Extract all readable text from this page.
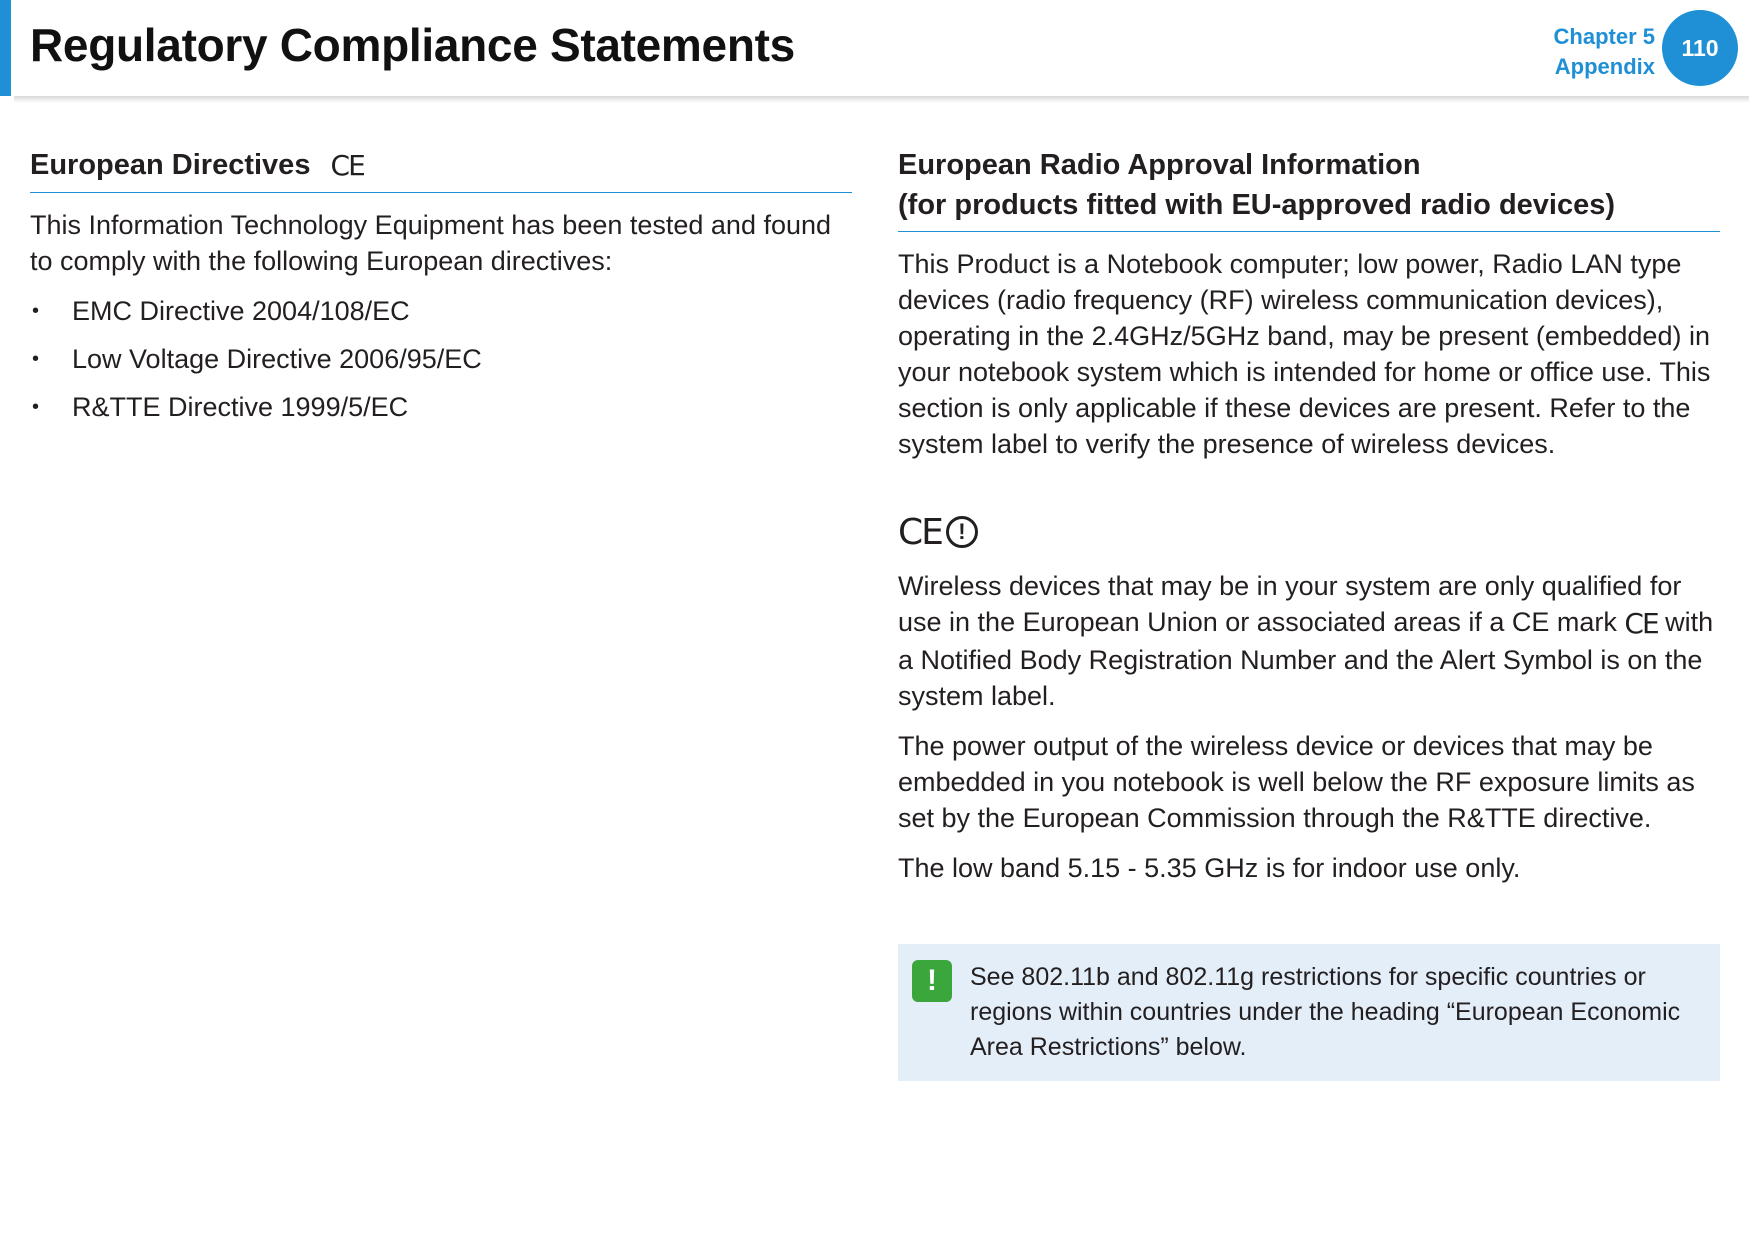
Regulatory Compliance Statements	Chapter 5
Appendix
110
European Directives CE

This Information Technology Equipment has been tested and found to comply with the following European directives:

• EMC Directive 2004/108/EC
• Low Voltage Directive 2006/95/EC
• R&TTE Directive 1999/5/EC
European Radio Approval Information
(for products fitted with EU-approved radio devices)

This Product is a Notebook computer; low power, Radio LAN type devices (radio frequency (RF) wireless communication devices), operating in the 2.4GHz/5GHz band, may be present (embedded) in your notebook system which is intended for home or office use. This section is only applicable if these devices are present. Refer to the system label to verify the presence of wireless devices.

CE !

Wireless devices that may be in your system are only qualified for use in the European Union or associated areas if a CE mark CE with a Notified Body Registration Number and the Alert Symbol is on the system label.

The power output of the wireless device or devices that may be embedded in you notebook is well below the RF exposure limits as set by the European Commission through the R&TTE directive.

The low band 5.15 - 5.35 GHz is for indoor use only.

!	See 802.11b and 802.11g restrictions for specific countries or regions within countries under the heading “European Economic Area Restrictions” below.
